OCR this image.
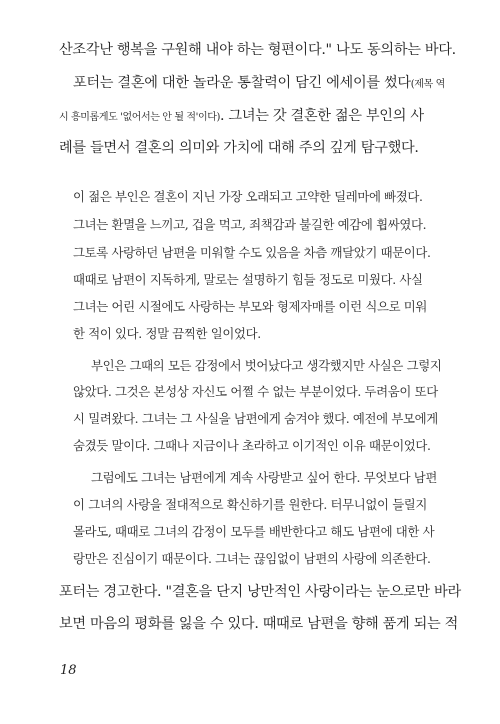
산조각난 행복을 구원해 내야 하는 형편이다." 나도 동의하는 바다.
포터는 결혼에 대한 놀라운 통찰력이 담긴 에세이를 썼다(제목 역
시 흥미롭게도 '없어서는 안 될 적'이다). 그녀는 갓 결혼한 젊은 부인의 사
례를 들면서 결혼의 의미와 가치에 대해 주의 깊게 탐구했다.
이 젊은 부인은 결혼이 지닌 가장 오래되고 고약한 딜레마에 빠졌다.
그녀는 환멸을 느끼고, 겁을 먹고, 죄책감과 불길한 예감에 휩싸였다.
그토록 사랑하던 남편을 미워할 수도 있음을 차츰 깨달았기 때문이다.
때때로 남편이 지독하게, 말로는 설명하기 힘들 정도로 미웠다. 사실
그녀는 어린 시절에도 사랑하는 부모와 형제자매를 이런 식으로 미워
한 적이 있다. 정말 끔찍한 일이었다.
부인은 그때의 모든 감정에서 벗어났다고 생각했지만 사실은 그렇지
않았다. 그것은 본성상 자신도 어쩔 수 없는 부분이었다. 두려움이 또다
시 밀려왔다. 그녀는 그 사실을 남편에게 숨겨야 했다. 예전에 부모에게
숨겼듯 말이다. 그때나 지금이나 초라하고 이기적인 이유 때문이었다.
그럼에도 그녀는 남편에게 계속 사랑받고 싶어 한다. 무엇보다 남편
이 그녀의 사랑을 절대적으로 확신하기를 원한다. 터무니없이 들릴지
몰라도, 때때로 그녀의 감정이 모두를 배반한다고 해도 남편에 대한 사
랑만은 진심이기 때문이다. 그녀는 끊임없이 남편의 사랑에 의존한다.
포터는 경고한다. "결혼을 단지 낭만적인 사랑이라는 눈으로만 바라
보면 마음의 평화를 잃을 수 있다. 때때로 남편을 향해 품게 되는 적
18
